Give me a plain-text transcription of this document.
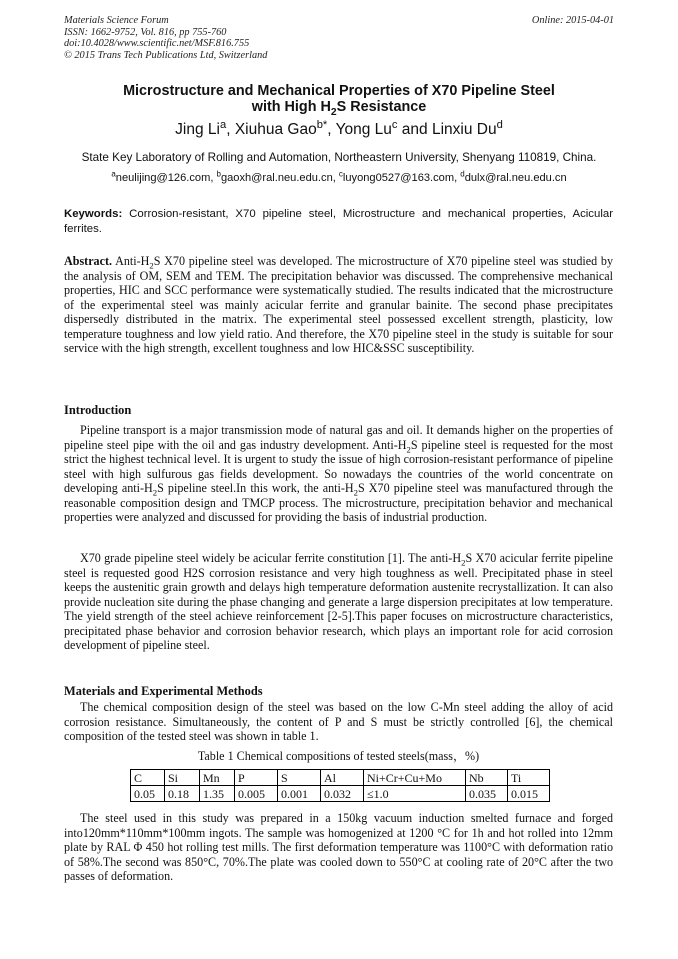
Materials Science Forum
ISSN: 1662-9752, Vol. 816, pp 755-760
doi:10.4028/www.scientific.net/MSF.816.755
© 2015 Trans Tech Publications Ltd, Switzerland
Online: 2015-04-01
Microstructure and Mechanical Properties of X70 Pipeline Steel
with High $H_2S$ Resistance
Jing Li$^a$, Xiuhua Gao$^{b*}$, Yong Lu$^c$ and Linxiu Du$^d$
State Key Laboratory of Rolling and Automation, Northeastern University, Shenyang 110819, China.
$^a$neulijing@126.com, $^b$gaoxh@ral.neu.edu.cn, $^c$luyong0527@163.com, $^d$dulx@ral.neu.edu.cn
Keywords: Corrosion-resistant, X70 pipeline steel, Microstructure and mechanical properties, Acicular ferrites.

Abstract. Anti-$H_2S$ X70 pipeline steel was developed. The microstructure of X70 pipeline steel was studied by the analysis of OM, SEM and TEM. The precipitation behavior was discussed. The comprehensive mechanical properties, HIC and SCC performance were systematically studied. The results indicated that the microstructure of the experimental steel was mainly acicular ferrite and granular bainite. The second phase precipitates dispersedly distributed in the matrix. The experimental steel possessed excellent strength, plasticity, low temperature toughness and low yield ratio. And therefore, the X70 pipeline steel in the study is suitable for sour service with the high strength, excellent toughness and low HIC&SSC susceptibility.

Introduction

Pipeline transport is a major transmission mode of natural gas and oil. It demands higher on the properties of pipeline steel pipe with the oil and gas industry development. Anti-$H_2S$ pipeline steel is requested for the most strict the highest technical level. It is urgent to study the issue of high corrosion-resistant performance of pipeline steel with high sulfurous gas fields development. So nowadays the countries of the world concentrate on developing anti-$H_2S$ pipeline steel.In this work, the anti-$H_2S$ X70 pipeline steel was manufactured through the reasonable composition design and TMCP process. The microstructure, precipitation behavior and mechanical properties were analyzed and discussed for providing the basis of industrial production.

X70 grade pipeline steel widely be acicular ferrite constitution [1]. The anti-$H_2S$ X70 acicular ferrite pipeline steel is requested good H2S corrosion resistance and very high toughness as well. Precipitated phase in steel keeps the austenitic grain growth and delays high temperature deformation austenite recrystallization. It can also provide nucleation site during the phase changing and generate a large dispersion precipitates at low temperature. The yield strength of the steel achieve reinforcement [2-5].This paper focuses on microstructure characteristics, precipitated phase behavior and corrosion behavior research, which plays an important role for acid corrosion development of pipeline steel.

Materials and Experimental Methods

The chemical composition design of the steel was based on the low C-Mn steel adding the alloy of acid corrosion resistance. Simultaneously, the content of P and S must be strictly controlled [6], the chemical composition of the tested steel was shown in table 1.

Table 1 Chemical compositions of tested steels(mass，%)
C	Si	Mn	P	S	Al	Ni+Cr+Cu+Mo	Nb	Ti
0.05	0.18	1.35	0.005	0.001	0.032	≤1.0	0.035	0.015

The steel used in this study was prepared in a 150kg vacuum induction smelted furnace and forged into120mm*110mm*100mm ingots. The sample was homogenized at 1200 °C for 1h and hot rolled into 12mm plate by RAL Φ 450 hot rolling test mills. The first deformation temperature was 1100°C with deformation ratio of 58%.The second was 850°C, 70%.The plate was cooled down to 550°C at cooling rate of 20°C after the two passes of deformation.
